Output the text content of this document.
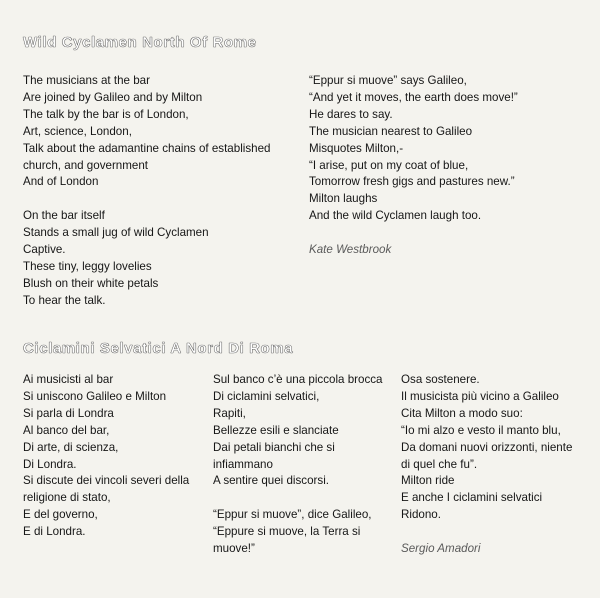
Wild Cyclamen North Of Rome

The musicians at the bar

Are joined by Galileo and by Milton

The talk by the bar is of London,

Art, science, London,

Talk about the adamantine chains of established

church, and government

And of London

On the bar itself

Stands a small jug of wild Cyclamen

Captive.

These tiny, leggy lovelies

Blush on their white petals

To hear the talk.

“Eppur si muove” says Galileo,

“And yet it moves, the earth does move!”

He dares to say.

The musician nearest to Galileo

Misquotes Milton,-

“I arise, put on my coat of blue,

Tomorrow fresh gigs and pastures new.”

Milton laughs

And the wild Cyclamen laugh too.

Kate Westbrook

Ciclamini Selvatici A Nord Di Roma

Ai musicisti al bar

Si uniscono Galileo e Milton

Si parla di Londra

Al banco del bar,

Di arte, di scienza,

Di Londra.

Si discute dei vincoli severi della

religione di stato,

E del governo,

E di Londra.

Sul banco c’è una piccola brocca

Di ciclamini selvatici,

Rapiti,

Bellezze esili e slanciate

Dai petali bianchi che si

infiammano

A sentire quei discorsi.

“Eppur si muove”, dice Galileo,

“Eppure si muove, la Terra si

muove!”

Osa sostenere.

Il musicista più vicino a Galileo

Cita Milton a modo suo:

“Io mi alzo e vesto il manto blu,

Da domani nuovi orizzonti, niente

di quel che fu”.

Milton ride

E anche I ciclamini selvatici

Ridono.

Sergio Amadori
